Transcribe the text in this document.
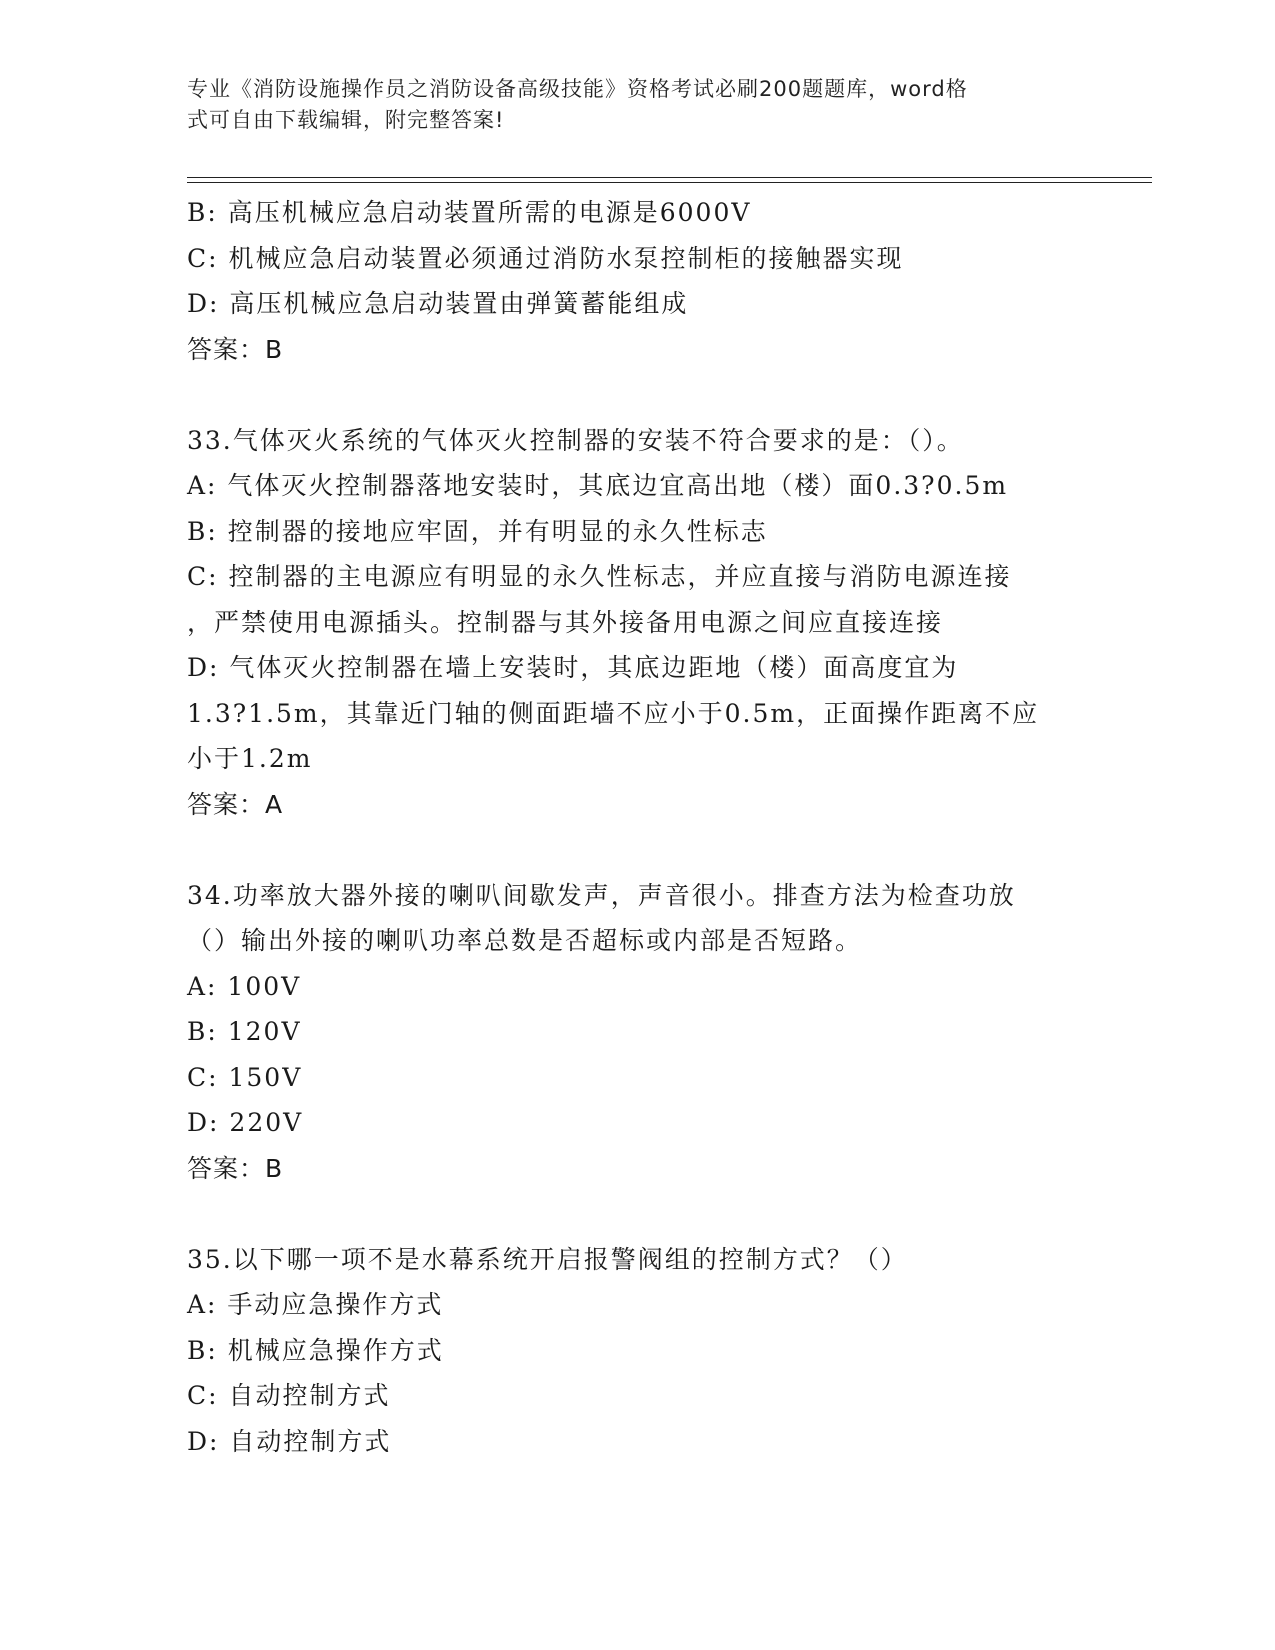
专业《消防设施操作员之消防设备高级技能》资格考试必刷200题题库，word格
式可自由下载编辑，附完整答案!
B: 高压机械应急启动装置所需的电源是6000V
C: 机械应急启动装置必须通过消防水泵控制柜的接触器实现
D: 高压机械应急启动装置由弹簧蓄能组成
答案：B
33.气体灭火系统的气体灭火控制器的安装不符合要求的是：（）。
A: 气体灭火控制器落地安装时，其底边宜高出地（楼）面0.3?0.5m
B: 控制器的接地应牢固，并有明显的永久性标志
C: 控制器的主电源应有明显的永久性标志，并应直接与消防电源连接
，严禁使用电源插头。控制器与其外接备用电源之间应直接连接
D: 气体灭火控制器在墙上安装时，其底边距地（楼）面高度宜为
1.3?1.5m，其靠近门轴的侧面距墙不应小于0.5m，正面操作距离不应
小于1.2m
答案：A
34.功率放大器外接的喇叭间歇发声，声音很小。排查方法为检查功放
（）输出外接的喇叭功率总数是否超标或内部是否短路。
A: 100V
B: 120V
C: 150V
D: 220V
答案：B
35.以下哪一项不是水幕系统开启报警阀组的控制方式？（）
A: 手动应急操作方式
B: 机械应急操作方式
C: 自动控制方式
D: 自动控制方式
